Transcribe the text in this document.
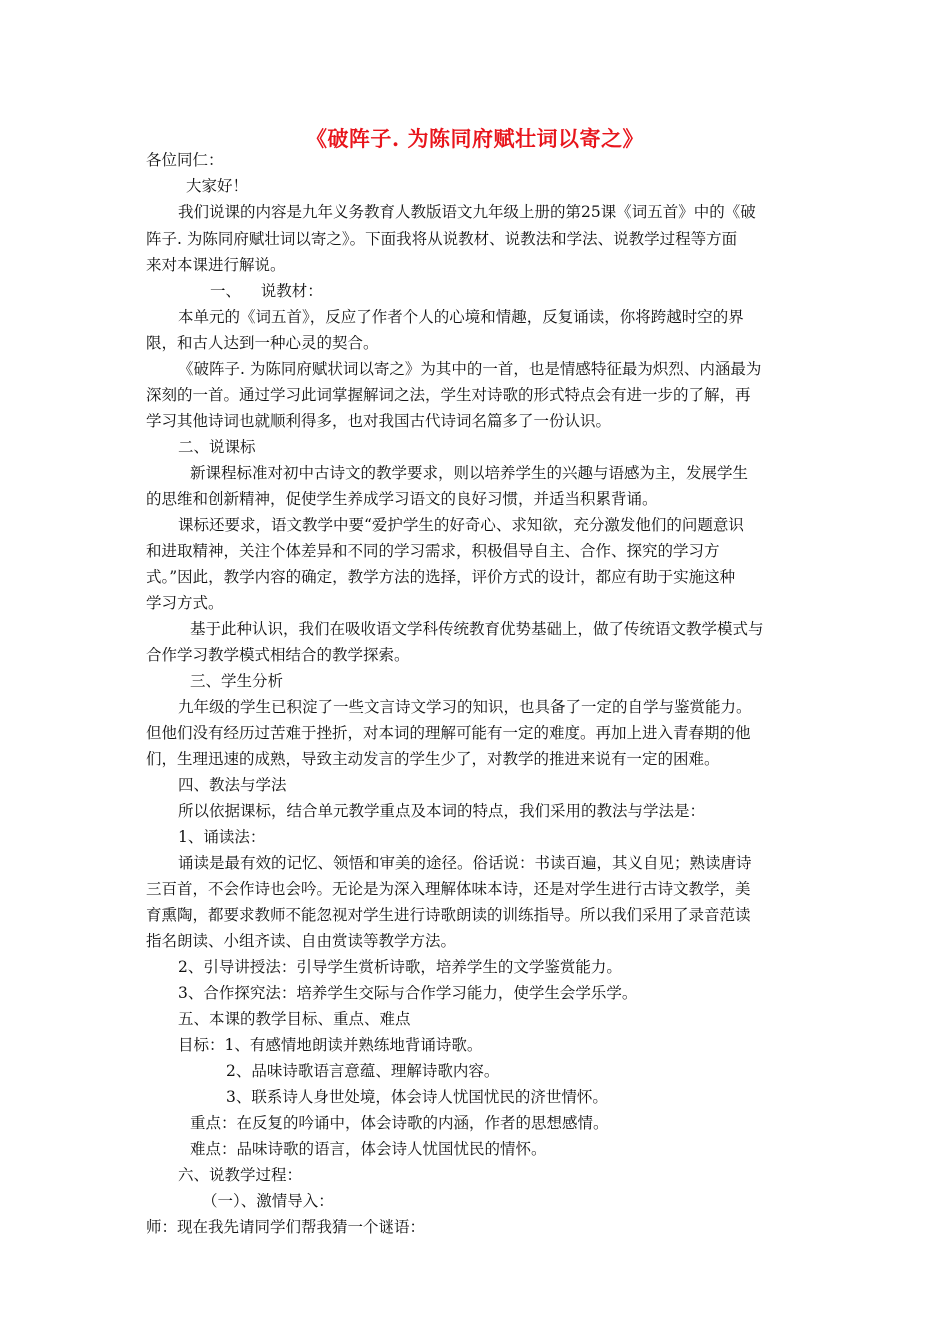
《破阵子. 为陈同府赋壮词以寄之》
各位同仁：
大家好！
我们说课的内容是九年义务教育人教版语文九年级上册的第25课《词五首》中的《破
阵子. 为陈同府赋壮词以寄之》。下面我将从说教材、说教法和学法、说教学过程等方面
来对本课进行解说。
一、    说教材：
本单元的《词五首》，反应了作者个人的心境和情趣，反复诵读，你将跨越时空的界
限，和古人达到一种心灵的契合。
《破阵子. 为陈同府赋状词以寄之》为其中的一首，也是情感特征最为炽烈、内涵最为
深刻的一首。通过学习此词掌握解词之法，学生对诗歌的形式特点会有进一步的了解，再
学习其他诗词也就顺利得多，也对我国古代诗词名篇多了一份认识。
二、说课标
新课程标准对初中古诗文的教学要求，则以培养学生的兴趣与语感为主，发展学生
的思维和创新精神，促使学生养成学习语文的良好习惯，并适当积累背诵。
课标还要求，语文教学中要“爱护学生的好奇心、求知欲，充分激发他们的问题意识
和进取精神，关注个体差异和不同的学习需求，积极倡导自主、合作、探究的学习方
式。”因此，教学内容的确定，教学方法的选择，评价方式的设计，都应有助于实施这种
学习方式。
基于此种认识，我们在吸收语文学科传统教育优势基础上，做了传统语文教学模式与
合作学习教学模式相结合的教学探索。
三、学生分析
九年级的学生已积淀了一些文言诗文学习的知识，也具备了一定的自学与鉴赏能力。
但他们没有经历过苦难于挫折，对本词的理解可能有一定的难度。再加上进入青春期的他
们，生理迅速的成熟，导致主动发言的学生少了，对教学的推进来说有一定的困难。
四、教法与学法
所以依据课标，结合单元教学重点及本词的特点，我们采用的教法与学法是：
1、诵读法：
诵读是最有效的记忆、领悟和审美的途径。俗话说：书读百遍，其义自见；熟读唐诗
三百首，不会作诗也会吟。无论是为深入理解体味本诗，还是对学生进行古诗文教学，美
育熏陶，都要求教师不能忽视对学生进行诗歌朗读的训练指导。所以我们采用了录音范读
指名朗读、小组齐读、自由赏读等教学方法。
2、引导讲授法：引导学生赏析诗歌，培养学生的文学鉴赏能力。
3、合作探究法：培养学生交际与合作学习能力，使学生会学乐学。
五、本课的教学目标、重点、难点
目标：1、有感情地朗读并熟练地背诵诗歌。
2、品味诗歌语言意蕴、理解诗歌内容。
3、联系诗人身世处境，体会诗人忧国忧民的济世情怀。
重点：在反复的吟诵中，体会诗歌的内涵，作者的思想感情。
难点：品味诗歌的语言，体会诗人忧国忧民的情怀。
六、说教学过程：
（一）、激情导入：
师：现在我先请同学们帮我猜一个谜语：
